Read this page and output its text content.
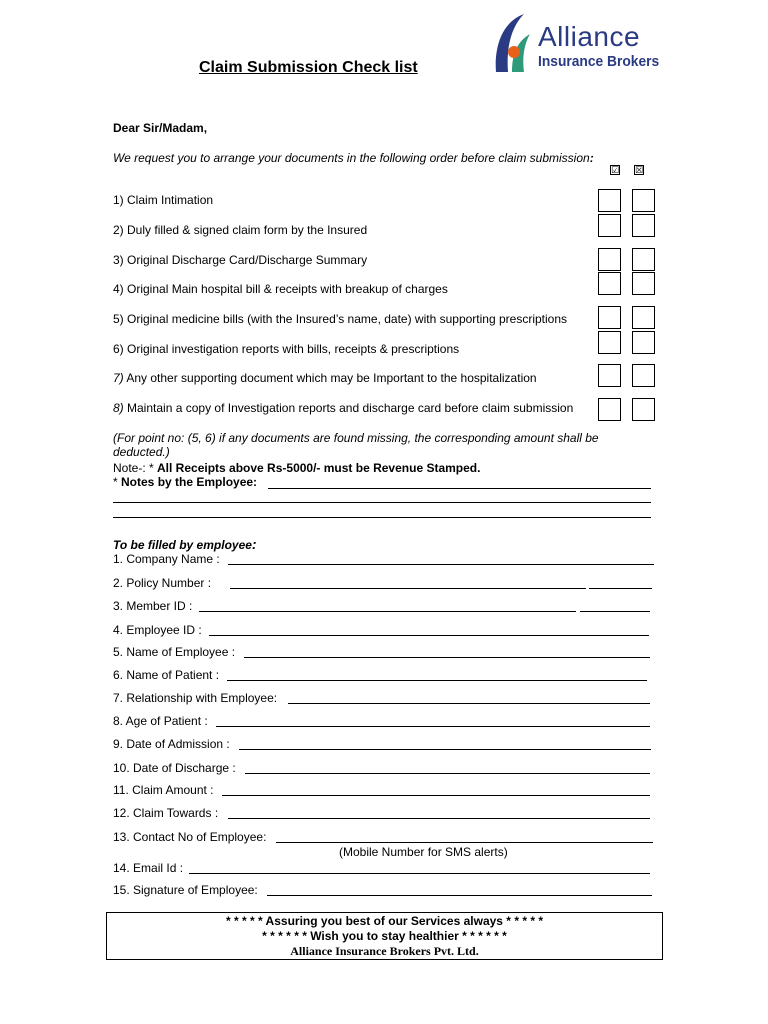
Alliance
Insurance Brokers
Claim Submission Check list
Dear Sir/Madam,
We request you to arrange your documents in the following order before claim submission:
☑ ☒
1) Claim Intimation
2) Duly filled & signed claim form by the Insured
3) Original Discharge Card/Discharge Summary
4) Original Main hospital bill & receipts with breakup of charges
5) Original medicine bills (with the Insured’s name, date) with supporting prescriptions
6) Original investigation reports with bills, receipts & prescriptions
7) Any other supporting document which may be Important to the hospitalization
8) Maintain a copy of Investigation reports and discharge card before claim submission
(For point no: (5, 6) if any documents are found missing, the corresponding amount shall be
deducted.)
Note-: * All Receipts above Rs-5000/- must be Revenue Stamped.
* Notes by the Employee:
To be filled by employee:
1. Company Name :
2. Policy Number :
3. Member ID :
4. Employee ID :
5. Name of Employee :
6. Name of Patient :
7. Relationship with Employee:
8. Age of Patient :
9. Date of Admission :
10. Date of Discharge :
11. Claim Amount :
12. Claim Towards :
13. Contact No of Employee:
(Mobile Number for SMS alerts)
14. Email Id :
15. Signature of Employee:
* * * * * Assuring you best of our Services always * * * * *
* * * * * * Wish you to stay healthier * * * * * *
Alliance Insurance Brokers Pvt. Ltd.
